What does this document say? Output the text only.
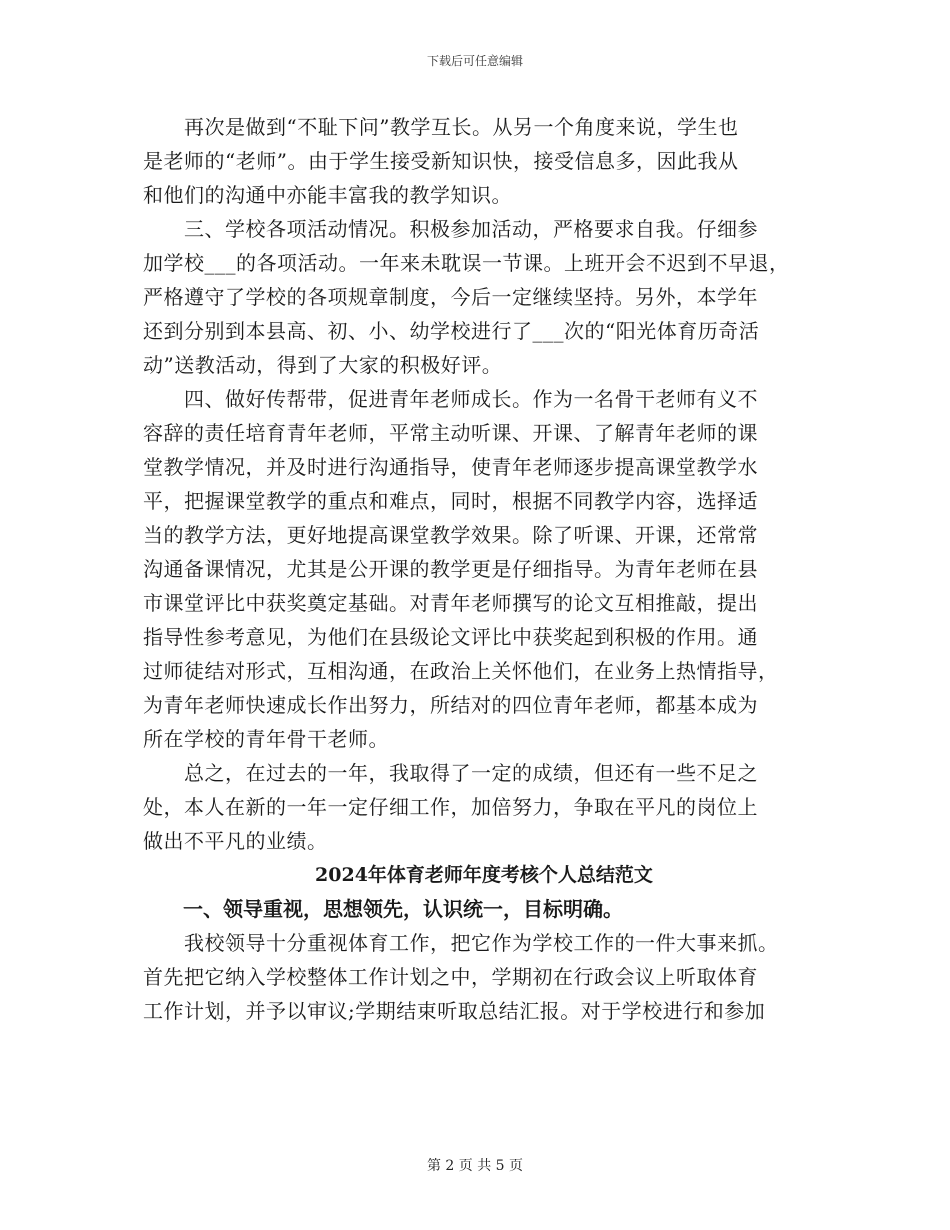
下载后可任意编辑
　　再次是做到“不耻下问”教学互长。从另一个角度来说，学生也
是老师的“老师”。由于学生接受新知识快，接受信息多，因此我从
和他们的沟通中亦能丰富我的教学知识。
　　三、学校各项活动情况。积极参加活动，严格要求自我。仔细参
加学校___的各项活动。一年来未耽误一节课。上班开会不迟到不早退，
严格遵守了学校的各项规章制度，今后一定继续坚持。另外，本学年
还到分别到本县高、初、小、幼学校进行了___次的“阳光体育历奇活
动”送教活动，得到了大家的积极好评。
　　四、做好传帮带，促进青年老师成长。作为一名骨干老师有义不
容辞的责任培育青年老师，平常主动听课、开课、了解青年老师的课
堂教学情况，并及时进行沟通指导，使青年老师逐步提高课堂教学水
平，把握课堂教学的重点和难点，同时，根据不同教学内容，选择适
当的教学方法，更好地提高课堂教学效果。除了听课、开课，还常常
沟通备课情况，尤其是公开课的教学更是仔细指导。为青年老师在县
市课堂评比中获奖奠定基础。对青年老师撰写的论文互相推敲，提出
指导性参考意见，为他们在县级论文评比中获奖起到积极的作用。通
过师徒结对形式，互相沟通，在政治上关怀他们，在业务上热情指导，
为青年老师快速成长作出努力，所结对的四位青年老师，都基本成为
所在学校的青年骨干老师。
　　总之，在过去的一年，我取得了一定的成绩，但还有一些不足之
处，本人在新的一年一定仔细工作，加倍努力，争取在平凡的岗位上
做出不平凡的业绩。
2024年体育老师年度考核个人总结范文
　　一、领导重视，思想领先，认识统一，目标明确。
　　我校领导十分重视体育工作，把它作为学校工作的一件大事来抓。
首先把它纳入学校整体工作计划之中，学期初在行政会议上听取体育
工作计划，并予以审议;学期结束听取总结汇报。对于学校进行和参加
第 2 页 共 5 页
